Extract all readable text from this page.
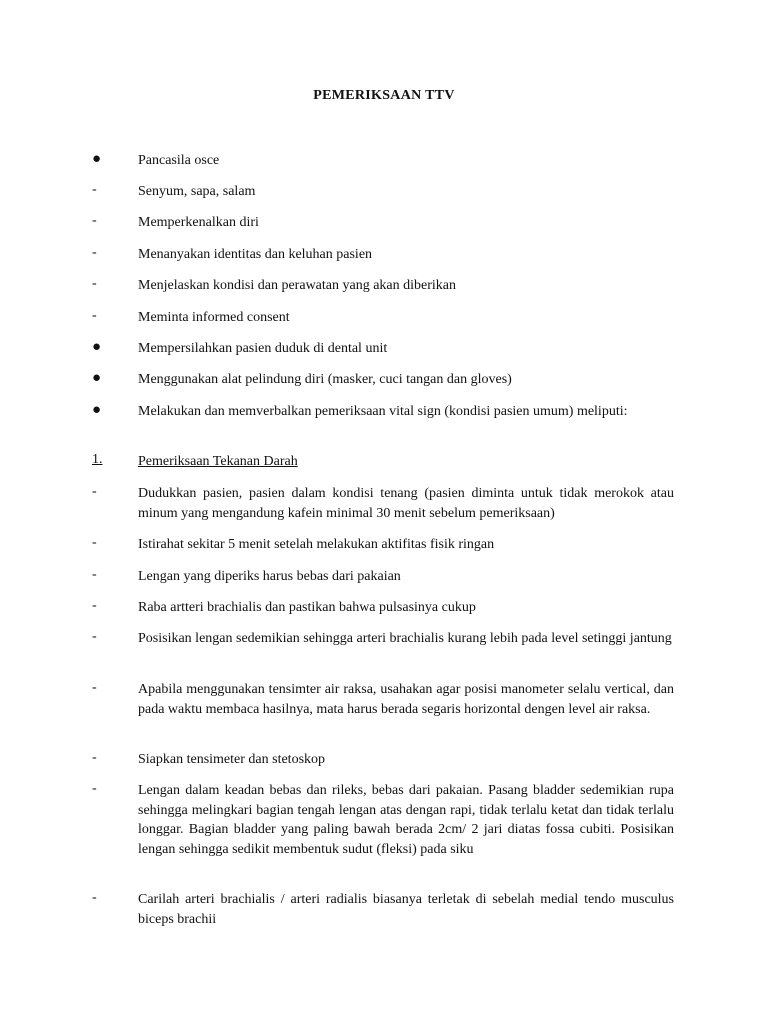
PEMERIKSAAN TTV
●	Pancasila osce
-	Senyum, sapa, salam
-	Memperkenalkan diri
-	Menanyakan identitas dan keluhan pasien
-	Menjelaskan kondisi dan perawatan yang akan diberikan
-	Meminta informed consent
●	Mempersilahkan pasien duduk di dental unit
●	Menggunakan alat pelindung diri (masker, cuci tangan dan gloves)
●	Melakukan dan memverbalkan pemeriksaan vital sign (kondisi pasien umum) meliputi:
1.	Pemeriksaan Tekanan Darah
-	Dudukkan pasien, pasien dalam kondisi tenang (pasien diminta untuk tidak merokok atau minum yang mengandung kafein minimal 30 menit sebelum pemeriksaan)
-	Istirahat sekitar 5 menit setelah melakukan aktifitas fisik ringan
-	Lengan yang diperiks harus bebas dari pakaian
-	Raba artteri brachialis dan pastikan bahwa pulsasinya cukup
-	Posisikan lengan sedemikian sehingga arteri brachialis kurang lebih pada level setinggi jantung
-	Apabila menggunakan tensimter air raksa, usahakan agar posisi manometer selalu vertical, dan pada waktu membaca hasilnya, mata harus berada segaris horizontal dengen level air raksa.
-	Siapkan tensimeter dan stetoskop
-	Lengan dalam keadan bebas dan rileks, bebas dari pakaian. Pasang bladder sedemikian rupa sehingga melingkari bagian tengah lengan atas dengan rapi, tidak terlalu ketat dan tidak terlalu longgar. Bagian bladder yang paling bawah berada 2cm/ 2 jari diatas fossa cubiti. Posisikan lengan sehingga sedikit membentuk sudut (fleksi) pada siku
-	Carilah arteri brachialis / arteri radialis biasanya terletak di sebelah medial tendo musculus biceps brachii
